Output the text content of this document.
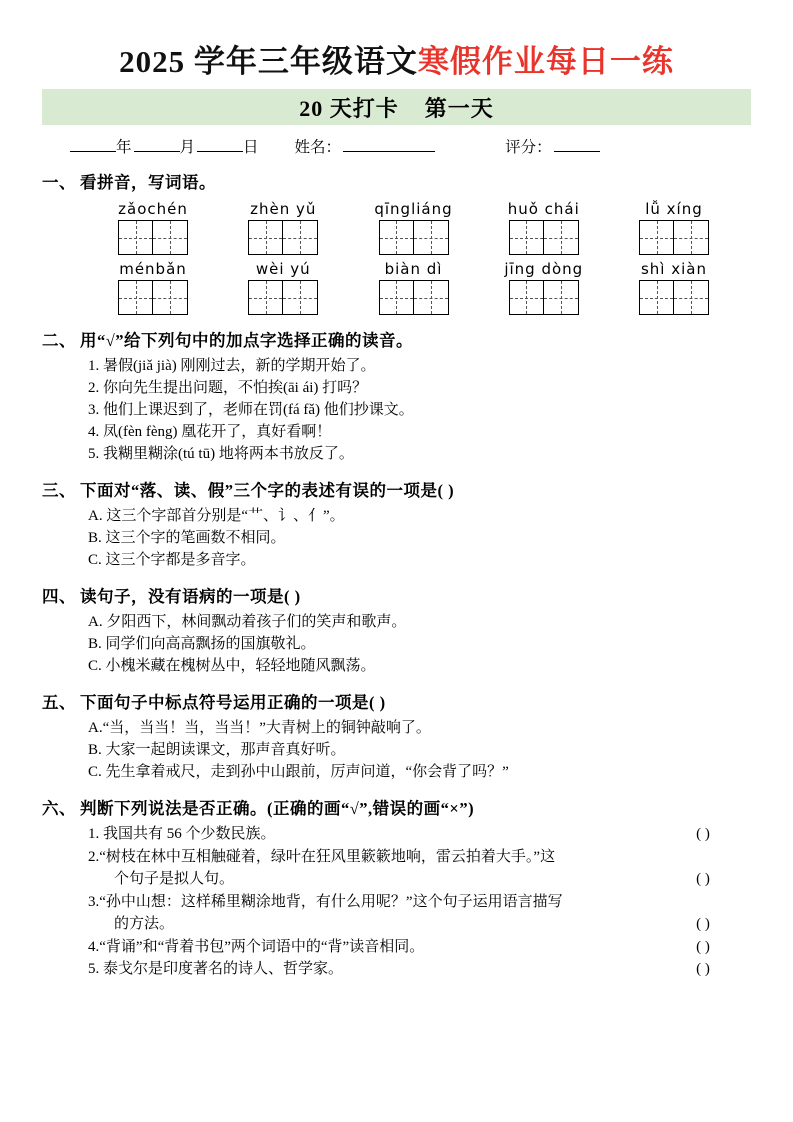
2025 学年三年级语文寒假作业每日一练
20 天打卡 第一天
年	月	日 姓名：	评分：
一、 看拼音，写词语。
zǎochén	zhèn yǔ	qīngliáng	huǒ chái	lǚ xíng
ménbǎn	wèi yú	biàn dì	jīng dòng	shì xiàn
二、 用“√”给下列句中的加点字选择正确的读音。
1. 暑假(jiǎ jià) 刚刚过去，新的学期开始了。
2. 你向先生提出问题，不怕挨(āi ái) 打吗？
3. 他们上课迟到了，老师在罚(fá fǎ) 他们抄课文。
4. 凤(fèn fèng) 凰花开了，真好看啊！
5. 我糊里糊涂(tú tū) 地将两本书放反了。
三、 下面对“落、读、假”三个字的表述有误的一项是( )
A. 这三个字部首分别是“艹、讠、亻”。
B. 这三个字的笔画数不相同。
C. 这三个字都是多音字。
四、 读句子，没有语病的一项是( )
A. 夕阳西下，林间飘动着孩子们的笑声和歌声。
B. 同学们向高高飘扬的国旗敬礼。
C. 小槐米藏在槐树丛中，轻轻地随风飘荡。
五、 下面句子中标点符号运用正确的一项是( )
A.“当，当当！当，当当！”大青树上的铜钟敲响了。
B. 大家一起朗读课文，那声音真好听。
C. 先生拿着戒尺，走到孙中山跟前，厉声问道，“你会背了吗？”
六、 判断下列说法是否正确。(正确的画“√”,错误的画“×”)
1. 我国共有 56 个少数民族。	( )
2.“树枝在林中互相触碰着，绿叶在狂风里簌簌地响，雷云拍着大手。”这
个句子是拟人句。	( )
3.“孙中山想：这样稀里糊涂地背，有什么用呢？”这个句子运用语言描写
的方法。	( )
4.“背诵”和“背着书包”两个词语中的“背”读音相同。	( )
5. 泰戈尔是印度著名的诗人、哲学家。	( )
